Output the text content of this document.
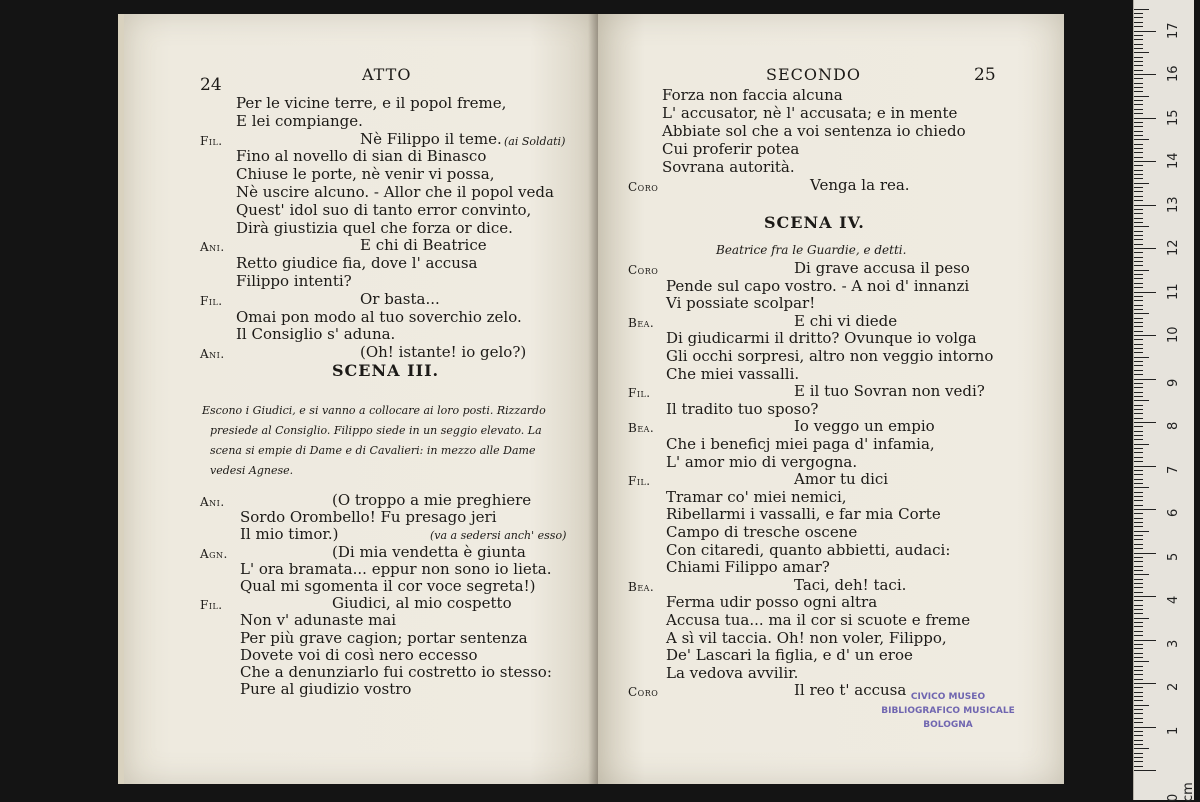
24
ATTO
Per le vicine terre, e il popol freme,
E lei compiange.
Fil.	Nè Filippo il teme.
Fino al novello di sian di Binasco
Chiuse le porte, nè venir vi possa,
Nè uscire alcuno. - Allor che il popol veda
Quest' idol suo di tanto error convinto,
Dirà giustizia quel che forza or dice.
Ani.	E chi di Beatrice
Retto giudice fia, dove l' accusa
Filippo intenti?
Fil.	Or basta...
Omai pon modo al tuo soverchio zelo.
Il Consiglio s' aduna.
Ani.	(Oh! istante! io gelo?)
(ai Soldati)
SCENA III.
Escono i Giudici, e si vanno a collocare ai loro posti. Rizzardo
presiede al Consiglio. Filippo siede in un seggio elevato. La
scena si empie di Dame e di Cavalieri: in mezzo alle Dame
vedesi Agnese.
Ani.	(O troppo a mie preghiere
Sordo Orombello! Fu presago jeri
Il mio timor.)
Agn.	(Di mia vendetta è giunta
L' ora bramata... eppur non sono io lieta.
Qual mi sgomenta il cor voce segreta!)
Fil.	Giudici, al mio cospetto
Non v' adunaste mai
Per più grave cagion; portar sentenza
Dovete voi di così nero eccesso
Che a denunziarlo fui costretto io stesso:
Pure al giudizio vostro
(va a sedersi anch' esso)
SECONDO	25
Forza non faccia alcuna
L' accusator, nè l' accusata; e in mente
Abbiate sol che a voi sentenza io chiedo
Cui proferir potea
Sovrana autorità.
Coro	Venga la rea.
SCENA IV.
Beatrice fra le Guardie, e detti.
Coro	Di grave accusa il peso
Pende sul capo vostro. - A noi d' innanzi
Vi possiate scolpar!
Bea.	E chi vi diede
Di giudicarmi il dritto? Ovunque io volga
Gli occhi sorpresi, altro non veggio intorno
Che miei vassalli.
Fil.	E il tuo Sovran non vedi?
Il tradito tuo sposo?
Bea.	Io veggo un empio
Che i beneficj miei paga d' infamia,
L' amor mio di vergogna.
Fil.	Amor tu dici
Tramar co' miei nemici,
Ribellarmi i vassalli, e far mia Corte
Campo di tresche oscene
Con citaredi, quanto abbietti, audaci:
Chiami Filippo amar?
Bea.	Taci, deh! taci.
Ferma udir posso ogni altra
Accusa tua... ma il cor si scuote e freme
A sì vil taccia. Oh! non voler, Filippo,
De' Lascari la figlia, e d' un eroe
La vedova avvilir.
Coro	Il reo t' accusa CIVICO MUSEO
BIBLIOGRAFICO MUSICALE
BOLOGNA
17
16
15
14
13
12
11
10
9
8
7
6
5
4
3
2
1
0 cm
